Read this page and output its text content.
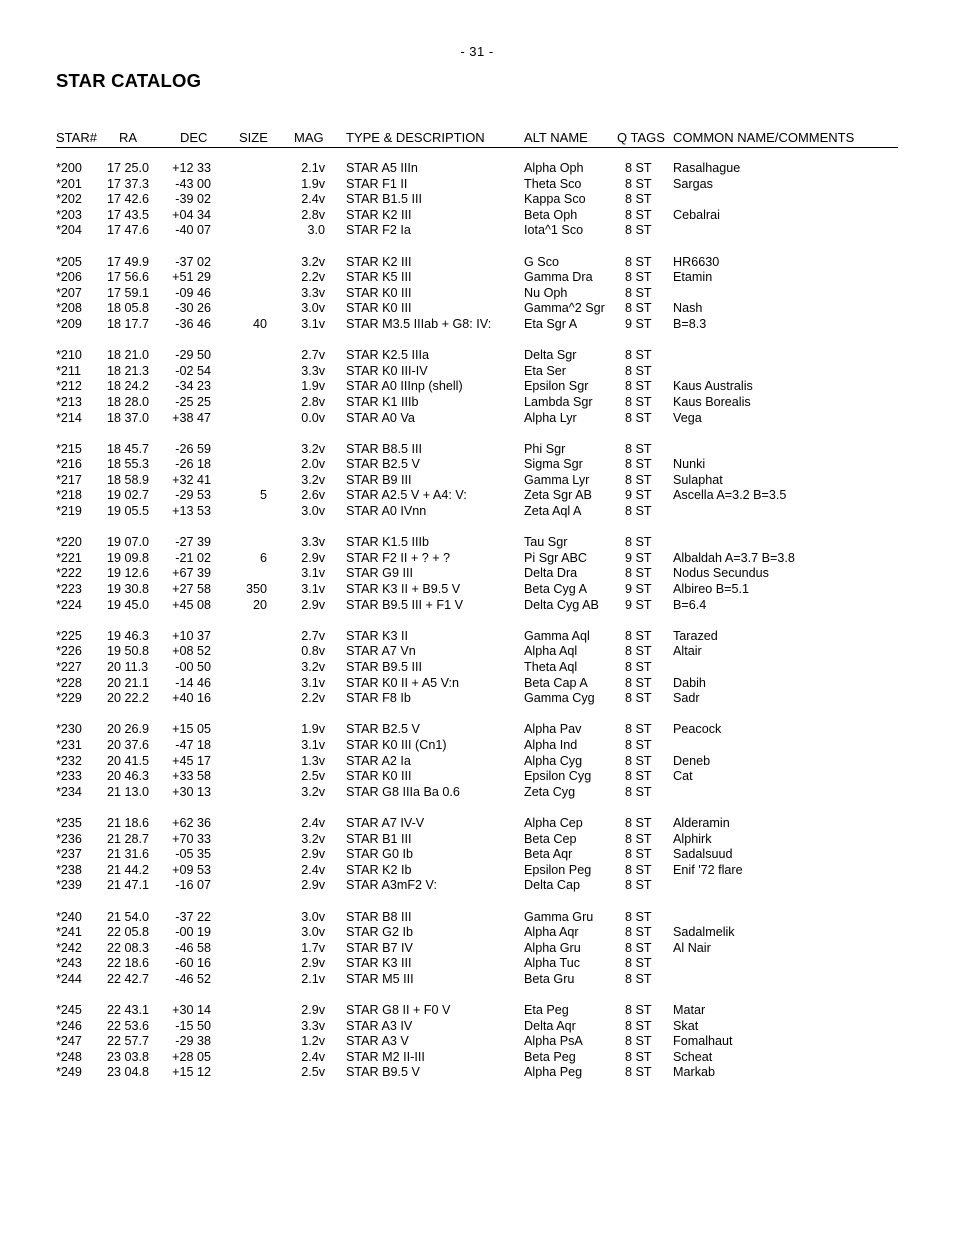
- 31 -
STAR CATALOG
STAR# RA	DEC SIZE MAG TYPE & DESCRIPTION	ALT NAME Q TAGS COMMON NAME/COMMENTS
*200 17 25.0	+12 33	2.1v STAR A5 IIIn	Alpha Oph	8 ST Rasalhague
*201 17 37.3	-43 00	1.9v STAR F1 II	Theta Sco	8 ST Sargas
*202 17 42.6	-39 02	2.4v STAR B1.5 III	Kappa Sco	8 ST
*203 17 43.5	+04 34	2.8v STAR K2 III	Beta Oph	8 ST Cebalrai
*204 17 47.6	-40 07	3.0 STAR F2 Ia	Iota^1 Sco	8 ST
*205 17 49.9	-37 02	3.2v STAR K2 III	G Sco	8 ST HR6630
*206 17 56.6	+51 29	2.2v STAR K5 III	Gamma Dra	8 ST Etamin
*207 17 59.1	-09 46	3.3v STAR K0 III	Nu Oph	8 ST
*208 18 05.8	-30 26	3.0v STAR K0 III	Gamma^2 Sgr 8 ST Nash
*209 18 17.7	-36 46	40	3.1v STAR M3.5 IIIab + G8: IV:	Eta Sgr A	9 ST B=8.3
*210 18 21.0	-29 50	2.7v STAR K2.5 IIIa	Delta Sgr	8 ST
*211 18 21.3	-02 54	3.3v STAR K0 III-IV	Eta Ser	8 ST
*212 18 24.2	-34 23	1.9v STAR A0 IIInp (shell)	Epsilon Sgr	8 ST Kaus Australis
*213 18 28.0	-25 25	2.8v STAR K1 IIIb	Lambda Sgr	8 ST Kaus Borealis
*214 18 37.0	+38 47	0.0v STAR A0 Va	Alpha Lyr	8 ST Vega
*215 18 45.7	-26 59	3.2v STAR B8.5 III	Phi Sgr	8 ST
*216 18 55.3	-26 18	2.0v STAR B2.5 V	Sigma Sgr	8 ST Nunki
*217 18 58.9	+32 41	3.2v STAR B9 III	Gamma Lyr	8 ST Sulaphat
*218 19 02.7	-29 53	5	2.6v STAR A2.5 V + A4: V:	Zeta Sgr AB	9 ST Ascella A=3.2 B=3.5
*219 19 05.5	+13 53	3.0v STAR A0 IVnn	Zeta Aql A	8 ST
*220 19 07.0	-27 39	3.3v STAR K1.5 IIIb	Tau Sgr	8 ST
*221 19 09.8	-21 02	6	2.9v STAR F2 II + ? + ?	Pi Sgr ABC	9 ST Albaldah A=3.7 B=3.8
*222 19 12.6	+67 39	3.1v STAR G9 III	Delta Dra	8 ST Nodus Secundus
*223 19 30.8	+27 58	350	3.1v STAR K3 II + B9.5 V	Beta Cyg A	9 ST Albireo B=5.1
*224 19 45.0	+45 08	20	2.9v STAR B9.5 III + F1 V	Delta Cyg AB 9 ST B=6.4
*225 19 46.3	+10 37	2.7v STAR K3 II	Gamma Aql	8 ST Tarazed
*226 19 50.8	+08 52	0.8v STAR A7 Vn	Alpha Aql	8 ST Altair
*227 20 11.3	-00 50	3.2v STAR B9.5 III	Theta Aql	8 ST
*228 20 21.1	-14 46	3.1v STAR K0 II + A5 V:n	Beta Cap A	8 ST Dabih
*229 20 22.2	+40 16	2.2v STAR F8 Ib	Gamma Cyg 8 ST Sadr
*230 20 26.9	+15 05	1.9v STAR B2.5 V	Alpha Pav	8 ST Peacock
*231 20 37.6	-47 18	3.1v STAR K0 III (Cn1)	Alpha Ind	8 ST
*232 20 41.5	+45 17	1.3v STAR A2 Ia	Alpha Cyg	8 ST Deneb
*233 20 46.3	+33 58	2.5v STAR K0 III	Epsilon Cyg	8 ST Cat
*234 21 13.0	+30 13	3.2v STAR G8 IIIa Ba 0.6	Zeta Cyg	8 ST
*235 21 18.6	+62 36	2.4v STAR A7 IV-V	Alpha Cep	8 ST Alderamin
*236 21 28.7	+70 33	3.2v STAR B1 III	Beta Cep	8 ST Alphirk
*237 21 31.6	-05 35	2.9v STAR G0 Ib	Beta Aqr	8 ST Sadalsuud
*238 21 44.2	+09 53	2.4v STAR K2 Ib	Epsilon Peg	8 ST Enif '72 flare
*239 21 47.1	-16 07	2.9v STAR A3mF2 V:	Delta Cap	8 ST
*240 21 54.0	-37 22	3.0v STAR B8 III	Gamma Gru	8 ST
*241 22 05.8	-00 19	3.0v STAR G2 Ib	Alpha Aqr	8 ST Sadalmelik
*242 22 08.3	-46 58	1.7v STAR B7 IV	Alpha Gru	8 ST Al Nair
*243 22 18.6	-60 16	2.9v STAR K3 III	Alpha Tuc	8 ST
*244 22 42.7	-46 52	2.1v STAR M5 III	Beta Gru	8 ST
*245 22 43.1	+30 14	2.9v STAR G8 II + F0 V	Eta Peg	8 ST Matar
*246 22 53.6	-15 50	3.3v STAR A3 IV	Delta Aqr	8 ST Skat
*247 22 57.7	-29 38	1.2v STAR A3 V	Alpha PsA	8 ST Fomalhaut
*248 23 03.8	+28 05	2.4v STAR M2 II-III	Beta Peg	8 ST Scheat
*249 23 04.8	+15 12	2.5v STAR B9.5 V	Alpha Peg	8 ST Markab
